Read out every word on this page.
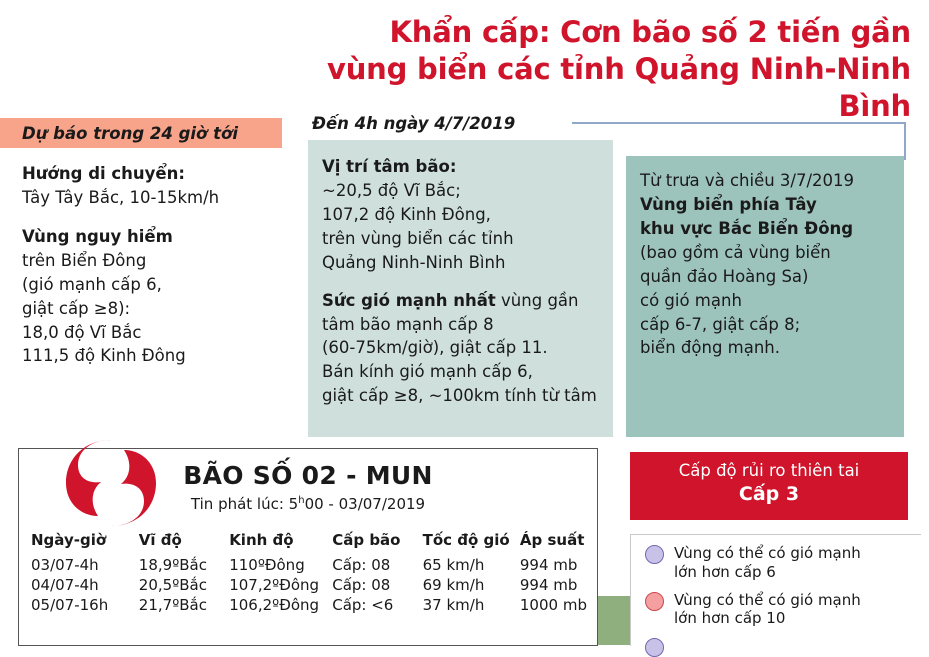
Khẩn cấp: Cơn bão số 2 tiến gần
vùng biển các tỉnh Quảng Ninh-Ninh Bình
Dự báo trong 24 giờ tới
Hướng di chuyển:
Tây Tây Bắc, 10-15km/h
Vùng nguy hiểm
trên Biển Đông
(gió mạnh cấp 6,
giật cấp ≥8):
18,0 độ Vĩ Bắc
111,5 độ Kinh Đông
Đến 4h ngày 4/7/2019
Vị trí tâm bão:
~20,5 độ Vĩ Bắc;
107,2 độ Kinh Đông,
trên vùng biển các tỉnh
Quảng Ninh-Ninh Bình
Sức gió mạnh nhất vùng gần
tâm bão mạnh cấp 8
(60-75km/giờ), giật cấp 11.
Bán kính gió mạnh cấp 6,
giật cấp ≥8, ~100km tính từ tâm
Từ trưa và chiều 3/7/2019
Vùng biển phía Tây
khu vực Bắc Biển Đông
(bao gồm cả vùng biển
quần đảo Hoàng Sa)
có gió mạnh
cấp 6-7, giật cấp 8;
biển động mạnh.
BÃO SỐ 02 - MUN
Tin phát lúc: 5$^h$00 - 03/07/2019
Ngày-giờ	Vĩ độ	Kinh độ	Cấp bão	Tốc độ gió	Áp suất
03/07-4h	18,9ºBắc	110ºĐông	Cấp: 08	65 km/h	994 mb
04/07-4h	20,5ºBắc	107,2ºĐông	Cấp: 08	69 km/h	994 mb
05/07-16h	21,7ºBắc	106,2ºĐông	Cấp: <6	37 km/h	1000 mb
Cấp độ rủi ro thiên tai
Cấp 3
Vùng có thể có gió mạnh
lớn hơn cấp 6
Vùng có thể có gió mạnh
lớn hơn cấp 10
